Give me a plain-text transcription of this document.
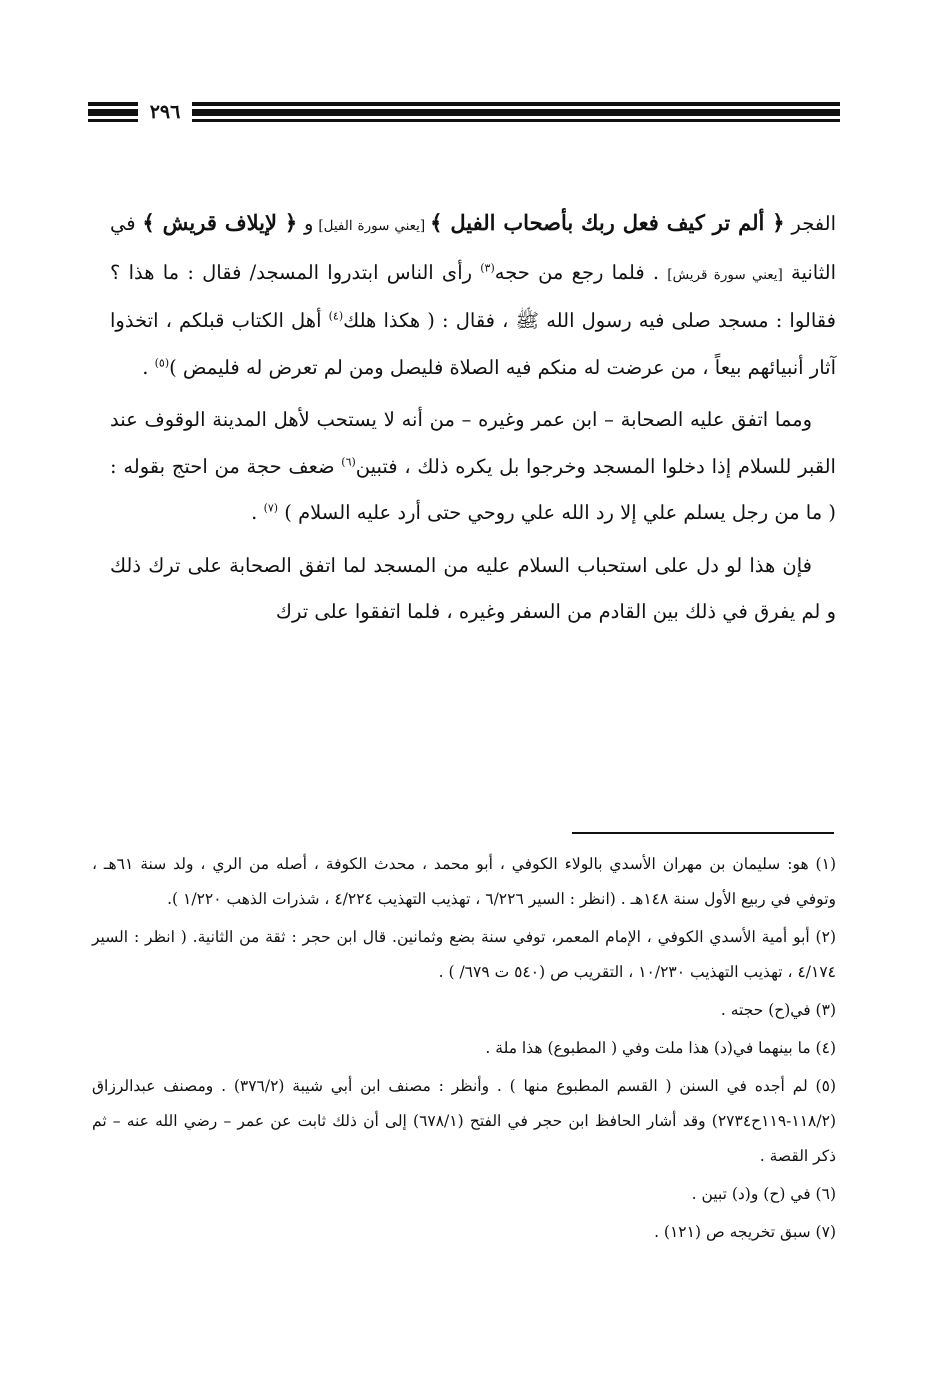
٢٩٦

الفجر ﴿ ألم تر كيف فعل ربك بأصحاب الفيل ﴾ [يعني سورة الفيل] و ﴿ لإيلاف قريش ﴾ في الثانية [يعني سورة قريش] . فلما رجع من حجه$^{(٣)}$ رأى الناس ابتدروا المسجد/ فقال : ما هذا ؟ فقالوا : مسجد صلى فيه رسول الله ﷺ ، فقال : ( هكذا هلك$^{(٤)}$ أهل الكتاب قبلكم ، اتخذوا آثار أنبيائهم بيعاً ، من عرضت له منكم فيه الصلاة فليصل ومن لم تعرض له فليمض )$^{(٥)}$ .

ومما اتفق عليه الصحابة – ابن عمر وغيره – من أنه لا يستحب لأهل المدينة الوقوف عند القبر للسلام إذا دخلوا المسجد وخرجوا بل يكره ذلك ، فتبين$^{(٦)}$ ضعف حجة من احتج بقوله : ( ما من رجل يسلم علي إلا رد الله علي روحي حتى أرد عليه السلام ) $^{(٧)}$ .

فإن هذا لو دل على استحباب السلام عليه من المسجد لما اتفق الصحابة على ترك ذلك و لم يفرق في ذلك بين القادم من السفر وغيره ، فلما اتفقوا على ترك

(١) هو: سليمان بن مهران الأسدي بالولاء الكوفي ، أبو محمد ، محدث الكوفة ، أصله من الري ، ولد سنة ٦١هـ ، وتوفي في ربيع الأول سنة ١٤٨هـ . (انظر : السير ٦/٢٢٦ ، تهذيب التهذيب ٤/٢٢٤ ، شذرات الذهب ١/٢٢٠ ).

(٢) أبو أمية الأسدي الكوفي ، الإمام المعمر، توفي سنة بضع وثمانين. قال ابن حجر : ثقة من الثانية. ( انظر : السير ٤/١٧٤ ، تهذيب التهذيب ١٠/٢٣٠ ، التقريب ص (٥٤٠ ت ٦٧٩/ ) .

(٣) في(ح) حجته .

(٤) ما بينهما في(د) هذا ملت وفي ( المطبوع) هذا ملة .

(٥) لم أجده في السنن ( القسم المطبوع منها ) . وأنظر : مصنف ابن أبي شيبة (٣٧٦/٢) . ومصنف عبدالرزاق (١١٨/٢-١١٩ح٢٧٣٤) وقد أشار الحافظ ابن حجر في الفتح (٦٧٨/١) إلى أن ذلك ثابت عن عمر – رضي الله عنه – ثم ذكر القصة .

(٦) في (ح) و(د) تبين .

(٧) سبق تخريجه ص (١٢١) .
